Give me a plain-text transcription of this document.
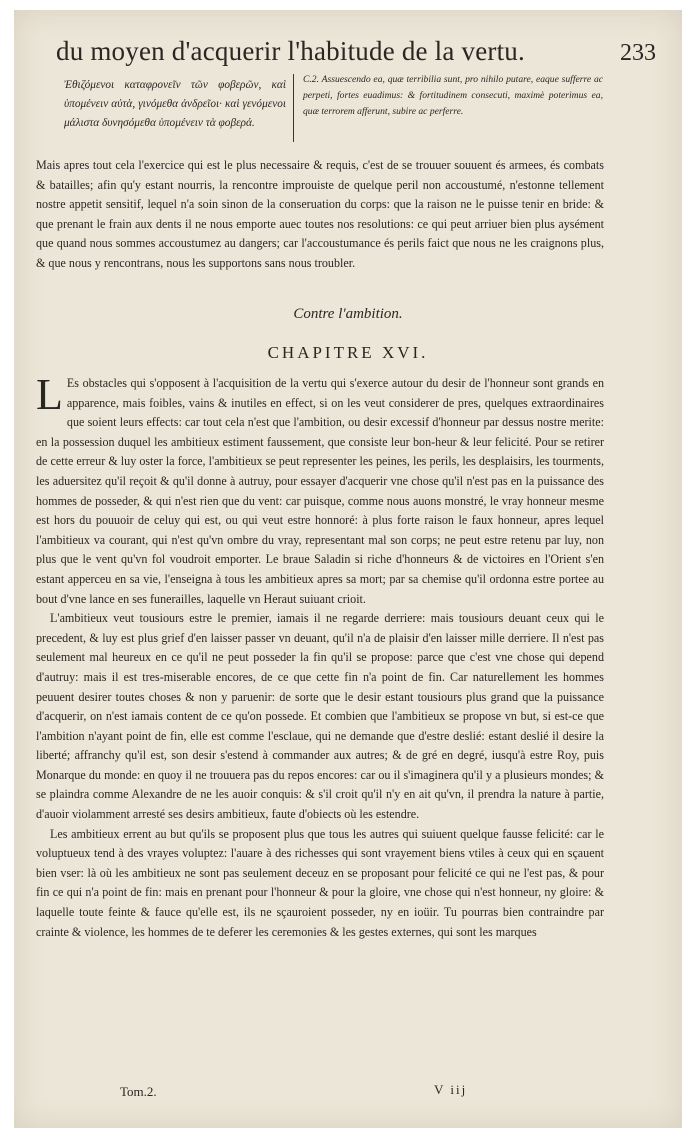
du moyen d'acquerir l'habitude de la vertu.	233
Ἐθιζόμενοι καταφρονεῖν τῶν φοβερῶν, καὶ ὑπομένειν αὐτὰ, γινόμεθα ἀνδρεῖοι· καὶ γενόμενοι μάλιστα δυνησόμεθα ὑπομένειν τὰ φοβερά.
C.2. Assuescendo ea, quæ terribilia sunt, pro nihilo putare, eaque sufferre ac perpeti, fortes euadimus: & fortitudinem consecuti, maximè poterimus ea, quæ terrorem afferunt, subire ac perferre.
Mais apres tout cela l'exercice qui est le plus necessaire & requis, c'est de se trouuer souuent és armees, és combats & batailles; afin qu'y estant nourris, la rencontre improuiste de quelque peril non accoustumé, n'estonne tellement nostre appetit sensitif, lequel n'a soin sinon de la conseruation du corps: que la raison ne le puisse tenir en bride: & que prenant le frain aux dents il ne nous emporte auec toutes nos resolutions: ce qui peut arriuer bien plus aysément que quand nous sommes accoustumez au dangers; car l'accoustumance és perils faict que nous ne les craignons plus, & que nous y rencontrans, nous les supportons sans nous troubler.
Contre l'ambition.
CHAPITRE XVI.

L Es obstacles qui s'opposent à l'acquisition de la vertu qui s'exerce autour du desir de l'honneur sont grands en apparence, mais foibles, vains & inutiles en effect, si on les veut considerer de pres, quelques extraordinaires que soient leurs effects: car tout cela n'est que l'ambition, ou desir excessif d'honneur par dessus nostre merite: en la possession duquel les ambitieux estiment faussement, que consiste leur bon-heur & leur felicité. Pour se retirer de cette erreur & luy oster la force, l'ambitieux se peut representer les peines, les perils, les desplaisirs, les tourments, les aduersitez qu'il reçoit & qu'il donne à autruy, pour essayer d'acquerir vne chose qu'il n'est pas en la puissance des hommes de posseder, & qui n'est rien que du vent: car puisque, comme nous auons monstré, le vray honneur mesme est hors du pouuoir de celuy qui est, ou qui veut estre honnoré: à plus forte raison le faux honneur, apres lequel l'ambitieux va courant, qui n'est qu'vn ombre du vray, representant mal son corps; ne peut estre retenu par luy, non plus que le vent qu'vn fol voudroit emporter. Le braue Saladin si riche d'honneurs & de victoires en l'Orient s'en estant apperceu en sa vie, l'enseigna à tous les ambitieux apres sa mort; par sa chemise qu'il ordonna estre portee au bout d'vne lance en ses funerailles, laquelle vn Heraut suiuant crioit.

L'ambitieux veut tousiours estre le premier, iamais il ne regarde derriere: mais tousiours deuant ceux qui le precedent, & luy est plus grief d'en laisser passer vn deuant, qu'il n'a de plaisir d'en laisser mille derriere. Il n'est pas seulement mal heureux en ce qu'il ne peut posseder la fin qu'il se propose: parce que c'est vne chose qui depend d'autruy: mais il est tres-miserable encores, de ce que cette fin n'a point de fin. Car naturellement les hommes peuuent desirer toutes choses & non y paruenir: de sorte que le desir estant tousiours plus grand que la puissance d'acquerir, on n'est iamais content de ce qu'on possede. Et combien que l'ambitieux se propose vn but, si est-ce que l'ambition n'ayant point de fin, elle est comme l'esclaue, qui ne demande que d'estre deslié: estant deslié il desire la liberté; affranchy qu'il est, son desir s'estend à commander aux autres; & de gré en degré, iusqu'à estre Roy, puis Monarque du monde: en quoy il ne trouuera pas du repos encores: car ou il s'imaginera qu'il y a plusieurs mondes; & se plaindra comme Alexandre de ne les auoir conquis: & s'il croit qu'il n'y en ait qu'vn, il prendra la nature à partie, d'auoir violamment arresté ses desirs ambitieux, faute d'obiects où les estendre.

Les ambitieux errent au but qu'ils se proposent plus que tous les autres qui suiuent quelque fausse felicité: car le voluptueux tend à des vrayes voluptez: l'auare à des richesses qui sont vrayement biens vtiles à ceux qui en sçauent bien vser: là où les ambitieux ne sont pas seulement deceuz en se proposant pour felicité ce qui ne l'est pas, & pour fin ce qui n'a point de fin: mais en prenant pour l'honneur & pour la gloire, vne chose qui n'est honneur, ny gloire: & laquelle toute feinte & fauce qu'elle est, ils ne sçauroient posseder, ny en ioüir. Tu pourras bien contraindre par crainte & violence, les hommes de te deferer les ceremonies & les gestes externes, qui sont les marques

Tom.2.	V iij
